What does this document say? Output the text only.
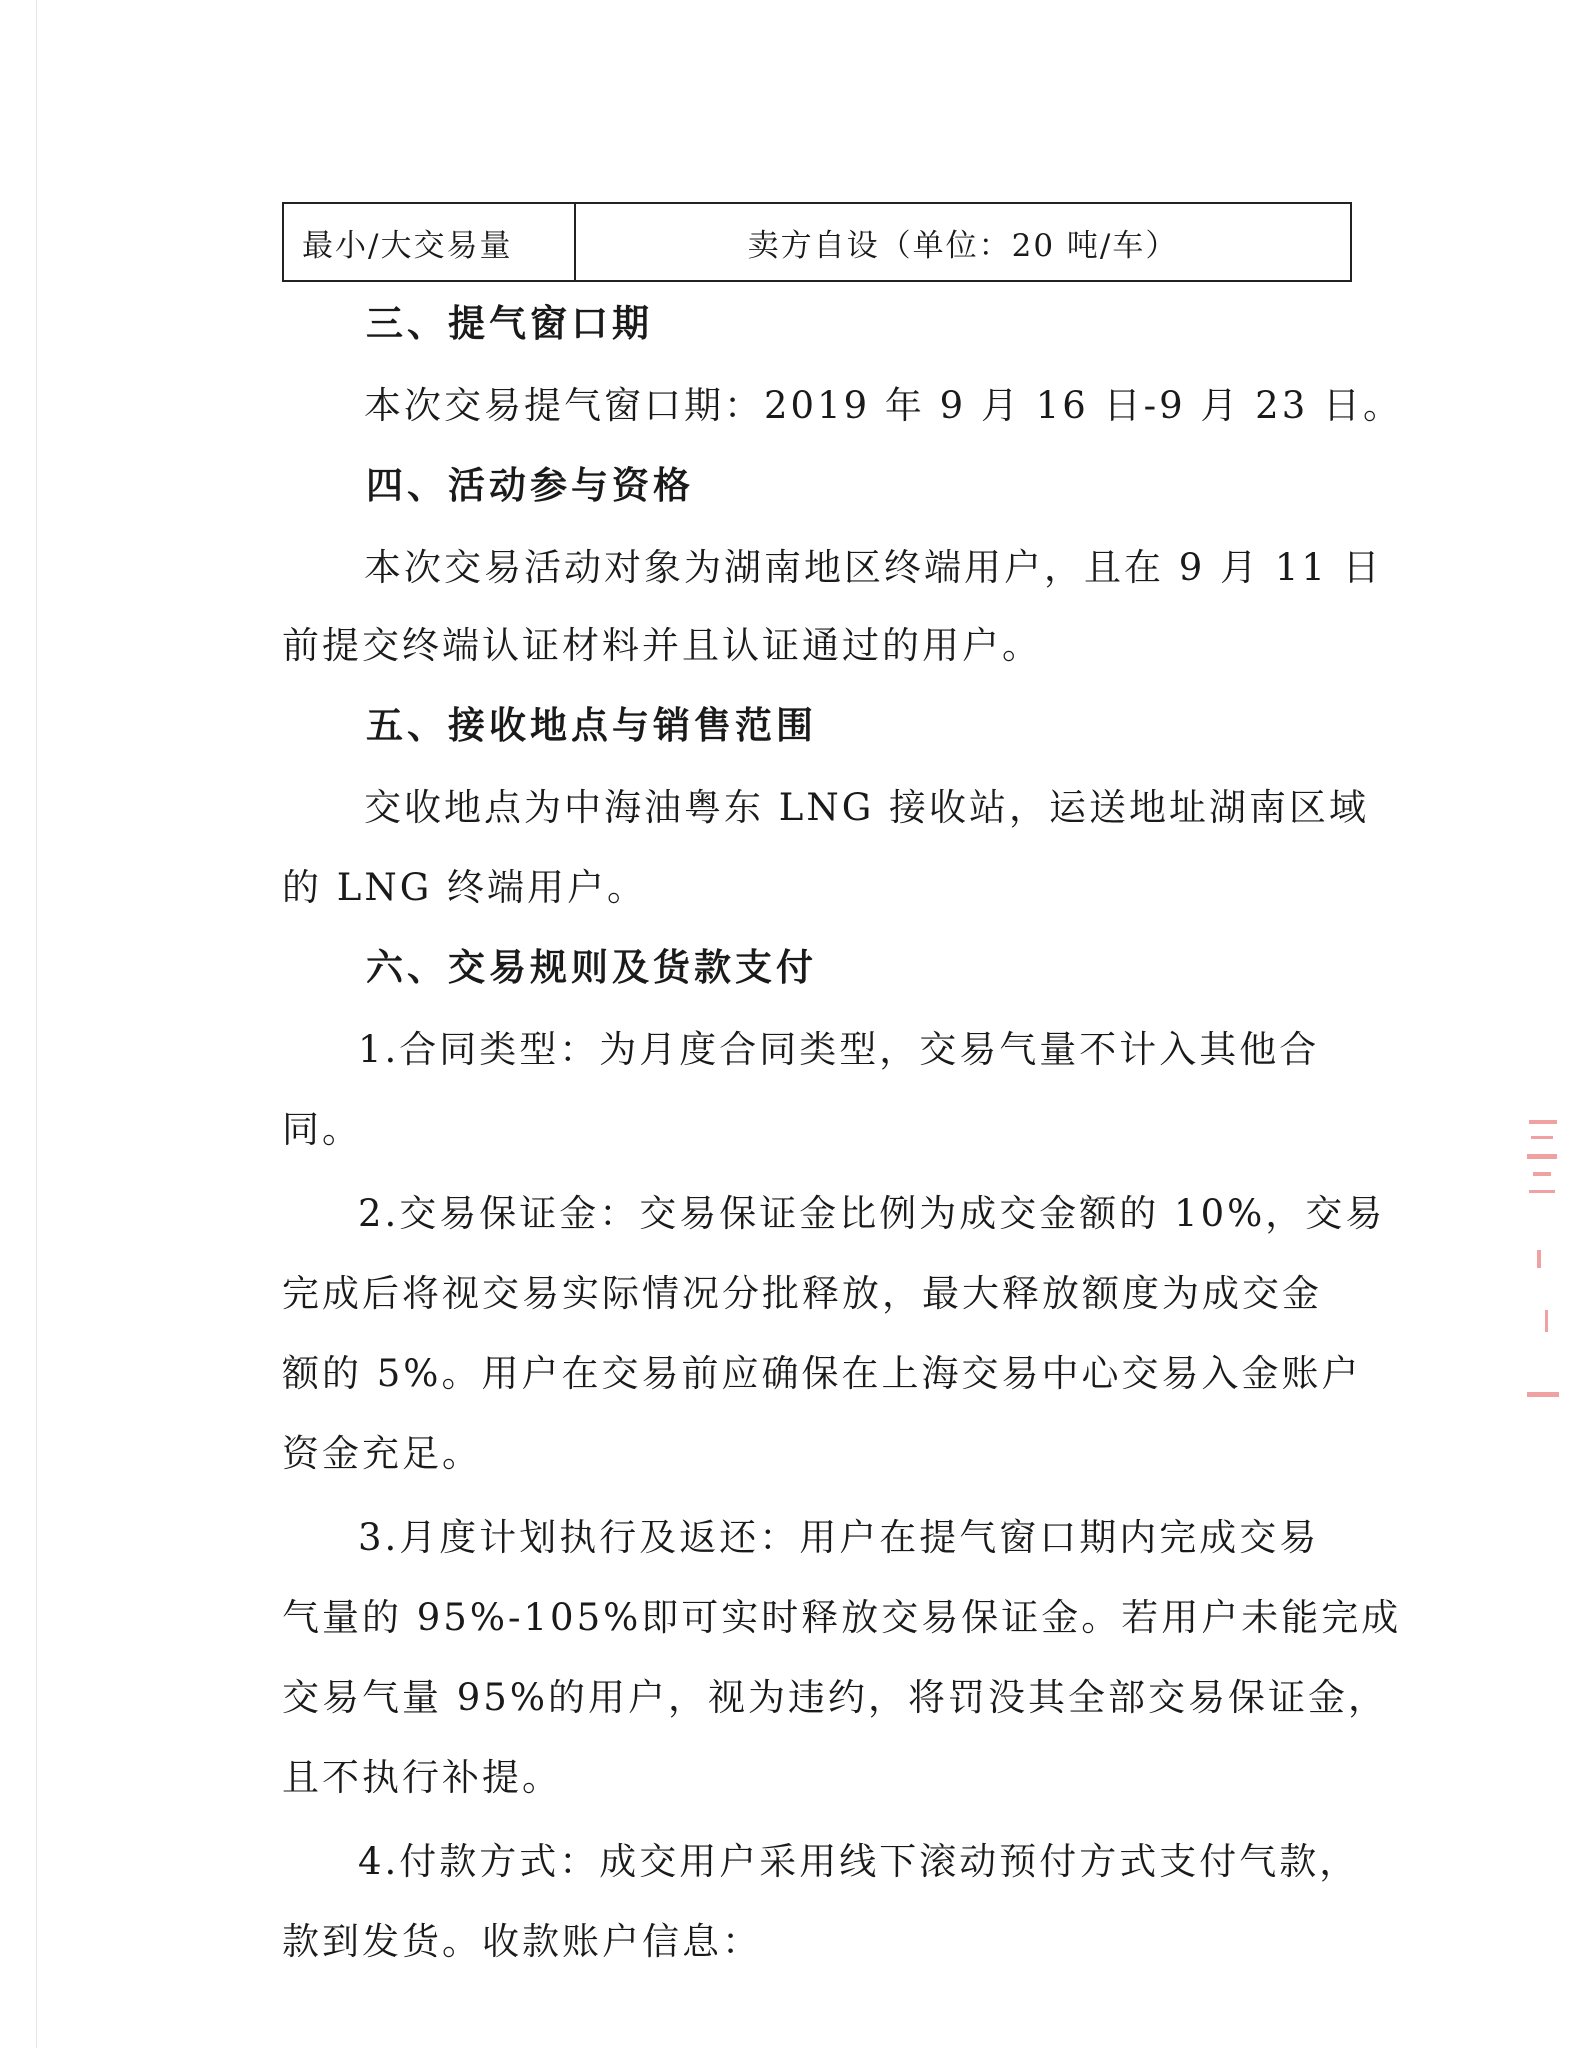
最小/大交易量	卖方自设（单位：20 吨/车）
三、提气窗口期
本次交易提气窗口期：2019 年 9 月 16 日-9 月 23 日。
四、活动参与资格
本次交易活动对象为湖南地区终端用户，且在 9 月 11 日
前提交终端认证材料并且认证通过的用户。
五、接收地点与销售范围
交收地点为中海油粤东 LNG 接收站，运送地址湖南区域
的 LNG 终端用户。
六、交易规则及货款支付
1.合同类型：为月度合同类型，交易气量不计入其他合
同。
2.交易保证金：交易保证金比例为成交金额的 10%，交易
完成后将视交易实际情况分批释放，最大释放额度为成交金
额的 5%。用户在交易前应确保在上海交易中心交易入金账户
资金充足。
3.月度计划执行及返还：用户在提气窗口期内完成交易
气量的 95%-105%即可实时释放交易保证金。若用户未能完成
交易气量 95%的用户，视为违约，将罚没其全部交易保证金，
且不执行补提。
4.付款方式：成交用户采用线下滚动预付方式支付气款，
款到发货。收款账户信息：
